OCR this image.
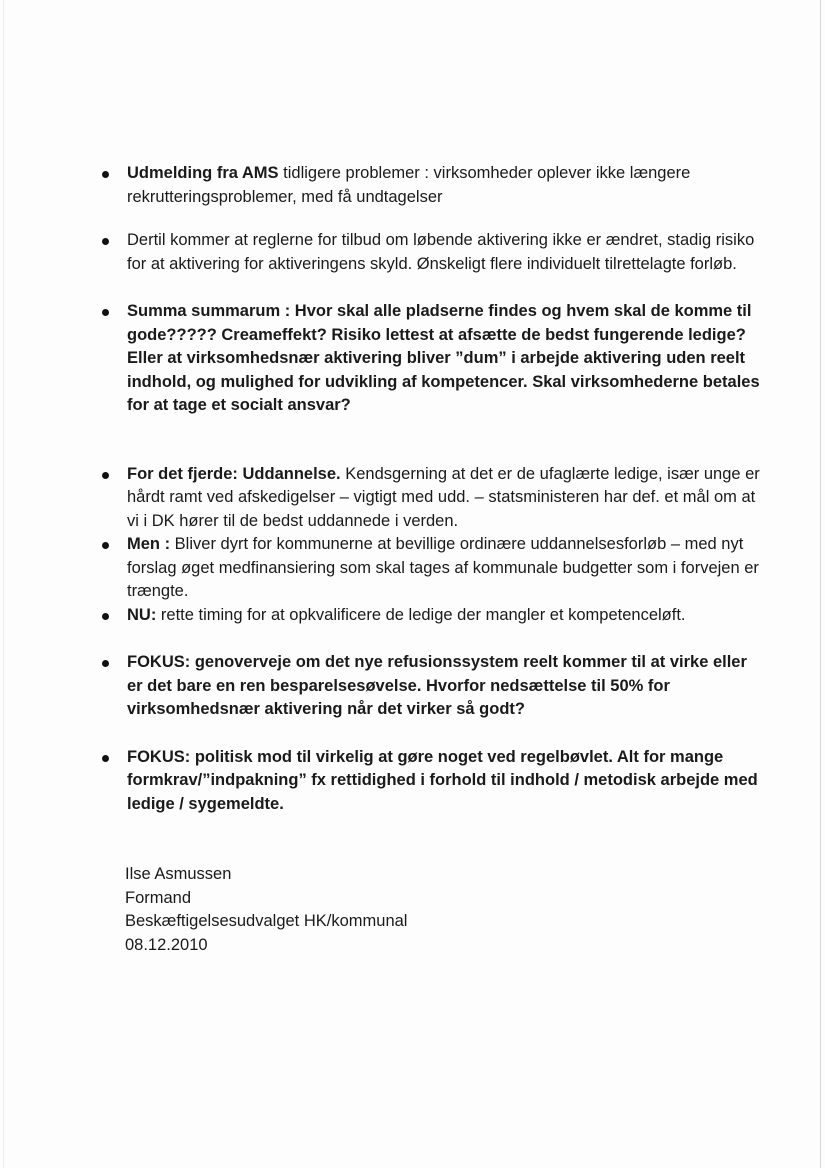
Udmelding fra AMS tidligere problemer : virksomheder oplever ikke længere rekrutteringsproblemer, med få undtagelser
Dertil kommer at reglerne for tilbud om løbende aktivering ikke er ændret, stadig risiko for at aktivering for aktiveringens skyld. Ønskeligt flere individuelt tilrettelagte forløb.
Summa summarum : Hvor skal alle pladserne findes og hvem skal de komme til gode????? Creameffekt? Risiko lettest at afsætte de bedst fungerende ledige? Eller at virksomhedsnær aktivering bliver ”dum” i arbejde aktivering uden reelt indhold, og mulighed for udvikling af kompetencer. Skal virksomhederne betales for at tage et socialt ansvar?
For det fjerde: Uddannelse. Kendsgerning at det er de ufaglærte ledige, især unge er hårdt ramt ved afskedigelser – vigtigt med udd. – statsministeren har def. et mål om at vi i DK hører til de bedst uddannede i verden.
Men : Bliver dyrt for kommunerne at bevillige ordinære uddannelsesforløb – med nyt forslag øget medfinansiering som skal tages af kommunale budgetter som i forvejen er trængte.
NU: rette timing for at opkvalificere de ledige der mangler et kompetenceløft.
FOKUS: genoverveje om det nye refusionssystem reelt kommer til at virke eller er det bare en ren besparelsesøvelse. Hvorfor nedsættelse til 50% for virksomhedsnær aktivering når det virker så godt?
FOKUS: politisk mod til virkelig at gøre noget ved regelbøvlet. Alt for mange formkrav/”indpakning” fx rettidighed i forhold til indhold / metodisk arbejde med ledige / sygemeldte.
Ilse Asmussen
Formand
Beskæftigelsesudvalget HK/kommunal
08.12.2010
